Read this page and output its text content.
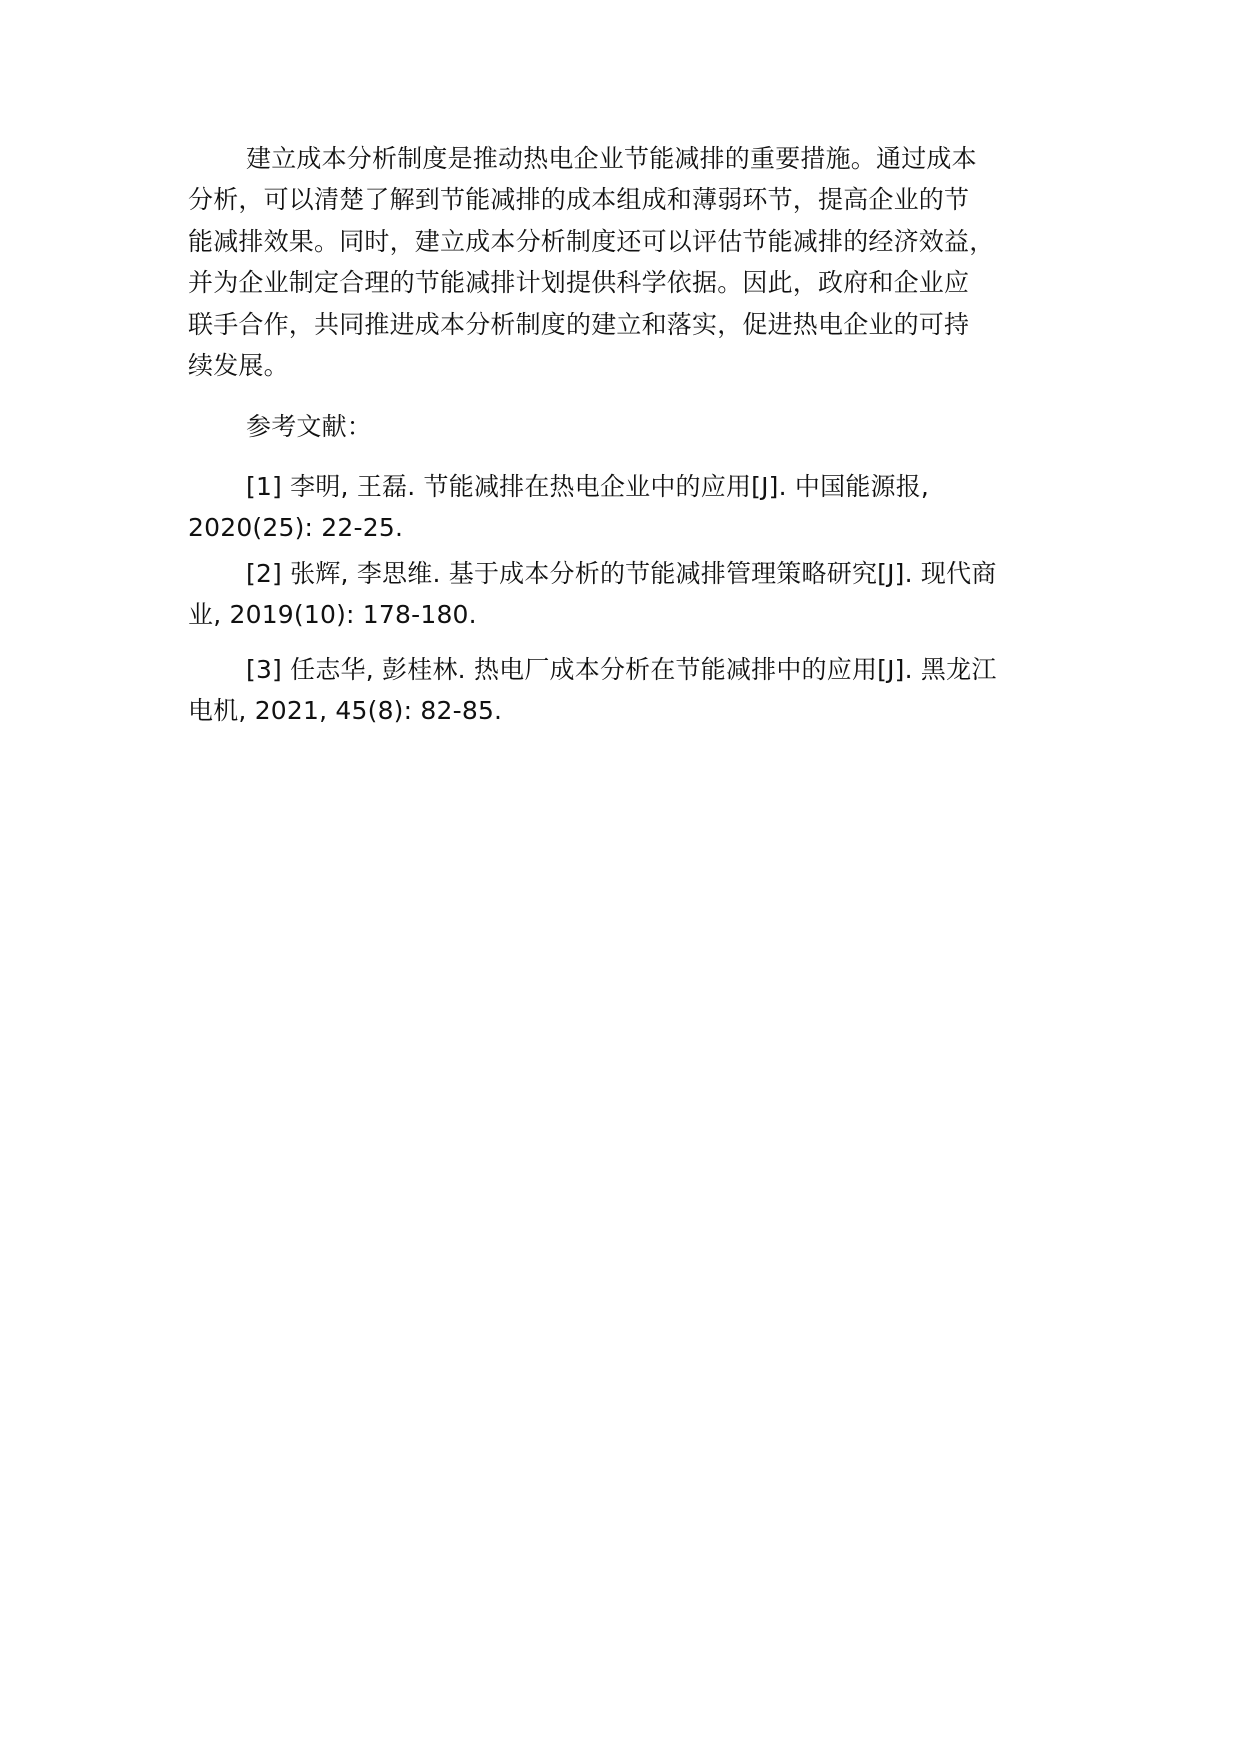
建立成本分析制度是推动热电企业节能减排的重要措施。通过成本
分析，可以清楚了解到节能减排的成本组成和薄弱环节，提高企业的节
能减排效果。同时，建立成本分析制度还可以评估节能减排的经济效益，
并为企业制定合理的节能减排计划提供科学依据。因此，政府和企业应
联手合作，共同推进成本分析制度的建立和落实，促进热电企业的可持
续发展。
参考文献：
[1] 李明, 王磊. 节能减排在热电企业中的应用[J]. 中国能源报,
2020(25): 22-25.
[2] 张辉, 李思维. 基于成本分析的节能减排管理策略研究[J]. 现代商
业, 2019(10): 178-180.
[3] 任志华, 彭桂林. 热电厂成本分析在节能减排中的应用[J]. 黑龙江
电机, 2021, 45(8): 82-85.
